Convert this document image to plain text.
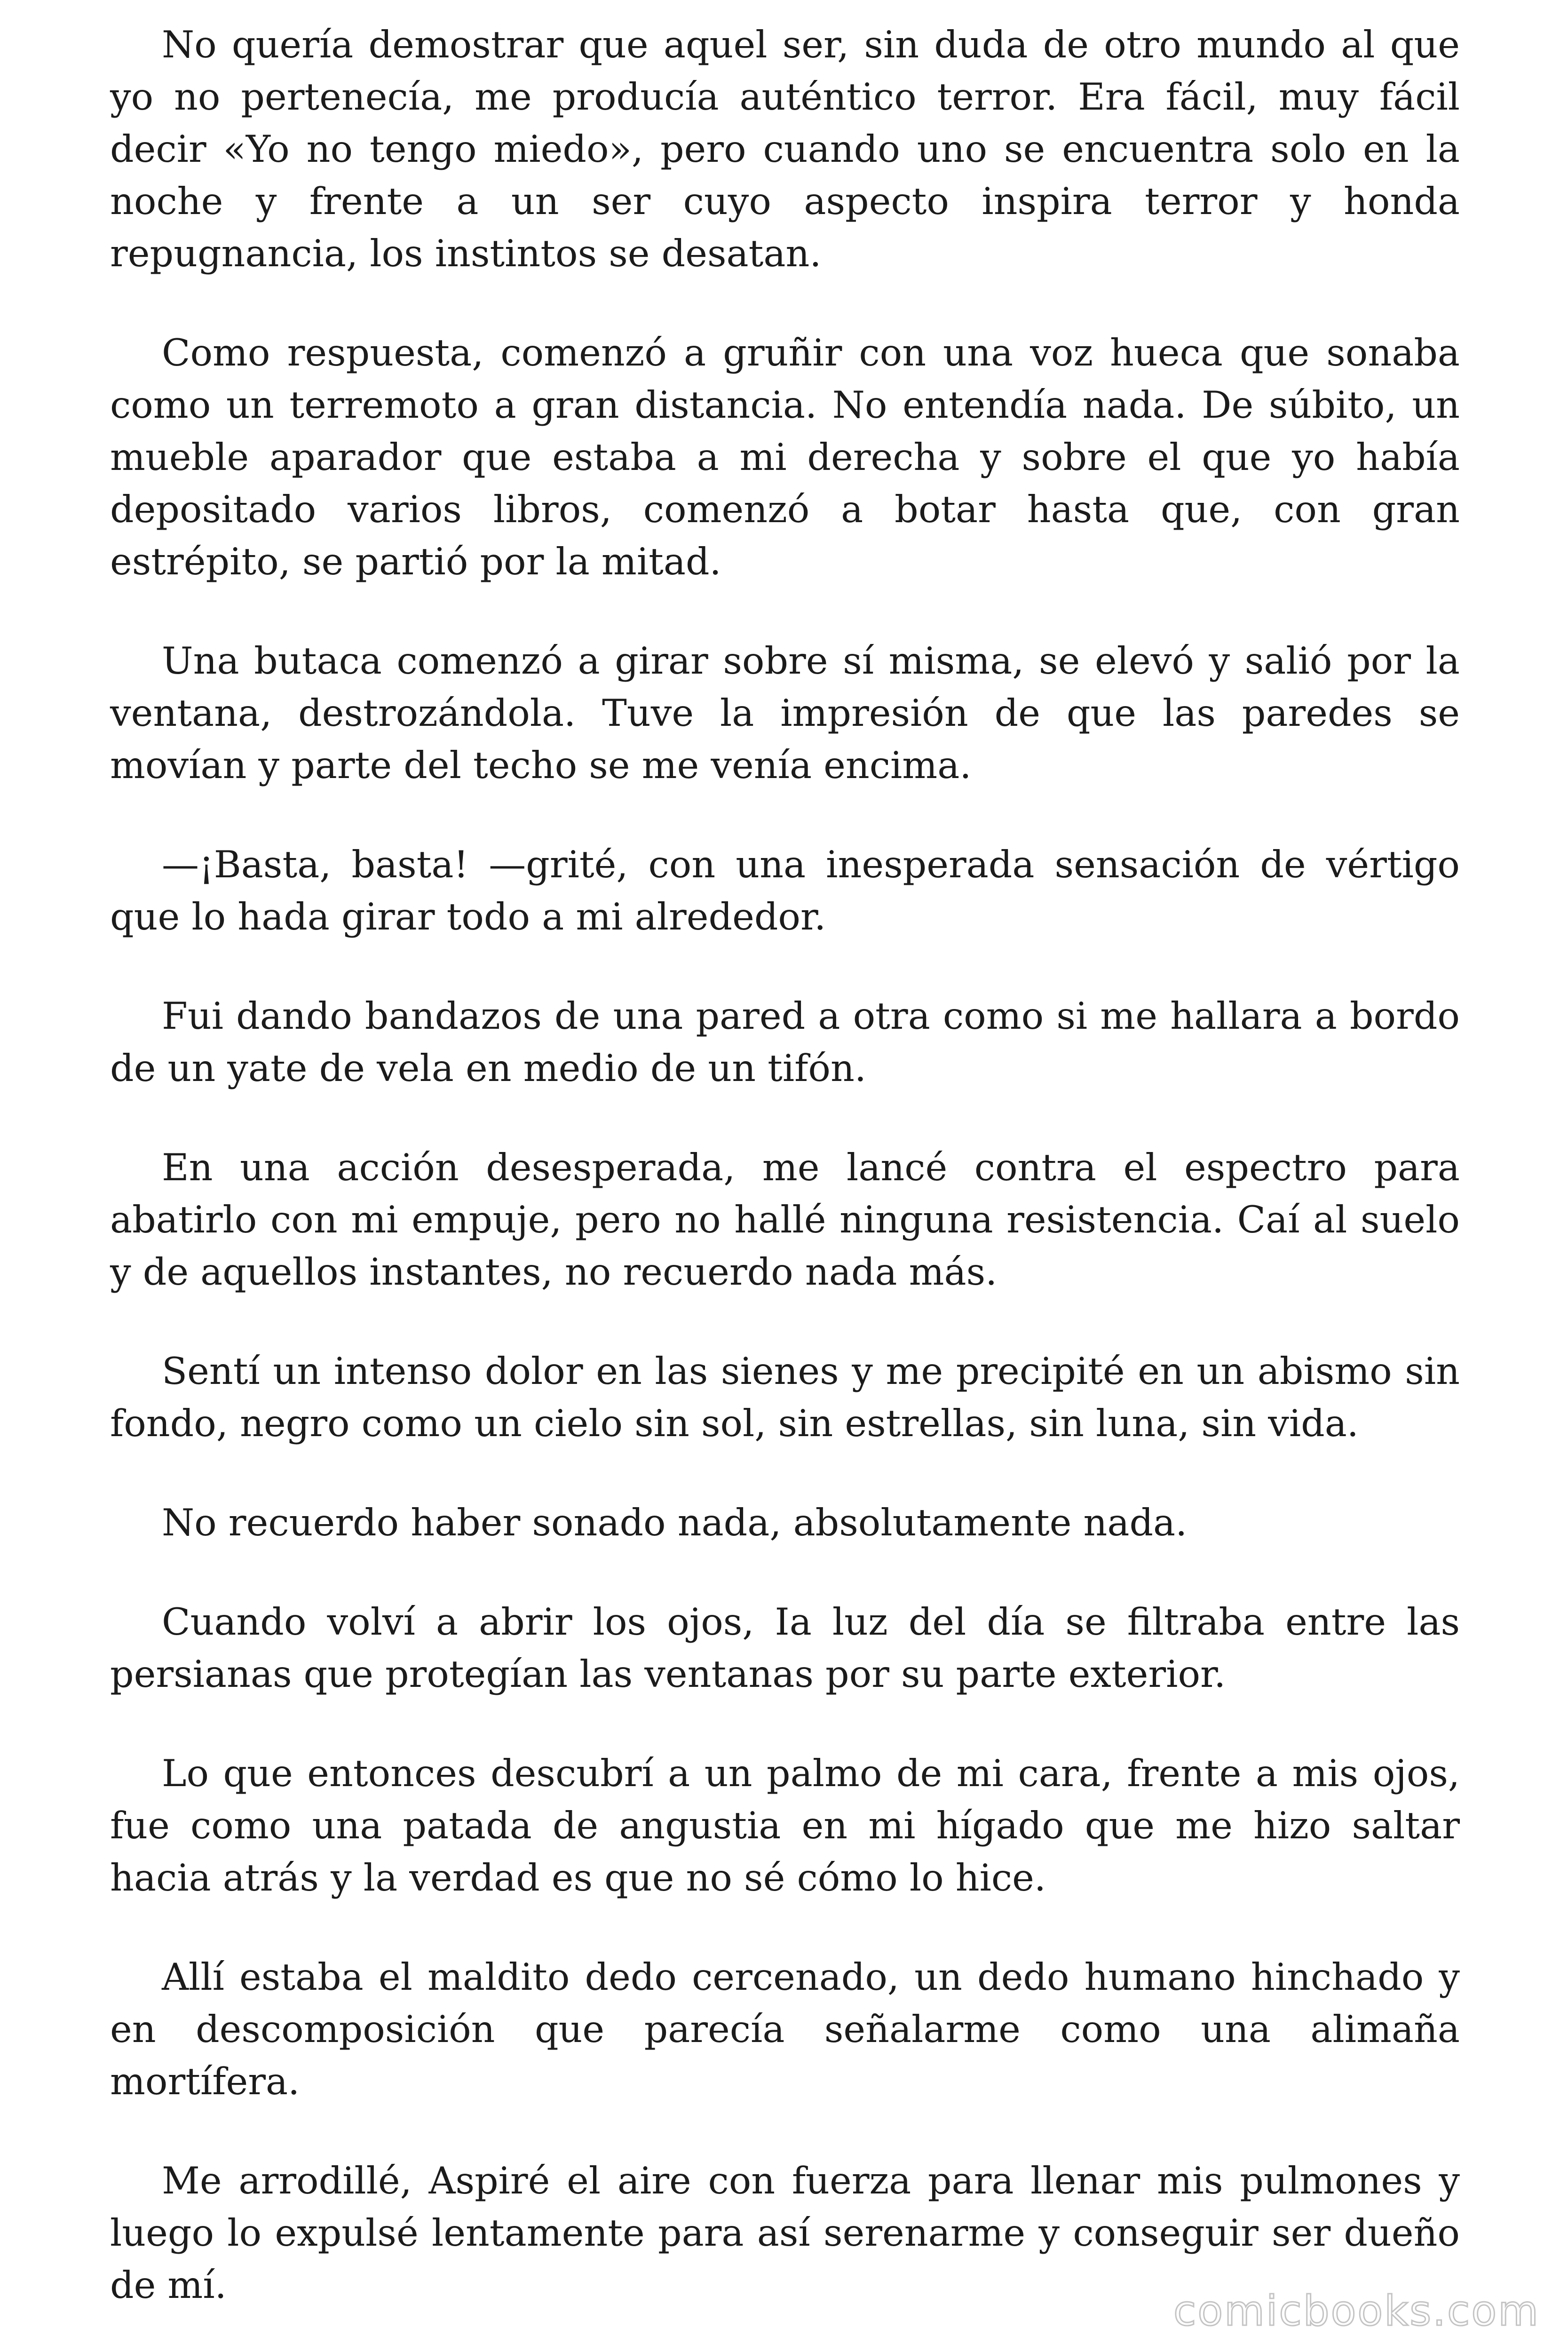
No quería demostrar que aquel ser, sin duda de otro mundo al que yo no pertenecía, me producía auténtico terror. Era fácil, muy fácil decir «Yo no tengo miedo», pero cuando uno se encuentra solo en la noche y frente a un ser cuyo aspecto inspira terror y honda repugnancia, los instintos se desatan.

Como respuesta, comenzó a gruñir con una voz hueca que sonaba como un terremoto a gran distancia. No entendía nada. De súbito, un mueble aparador que estaba a mi derecha y sobre el que yo había depositado varios libros, comenzó a botar hasta que, con gran estrépito, se partió por la mitad.

Una butaca comenzó a girar sobre sí misma, se elevó y salió por la ventana, destrozándola. Tuve la impresión de que las paredes se movían y parte del techo se me venía encima.

—¡Basta, basta! —grité, con una inesperada sensación de vértigo que lo hada girar todo a mi alrededor.

Fui dando bandazos de una pared a otra como si me hallara a bordo de un yate de vela en medio de un tifón.

En una acción desesperada, me lancé contra el espectro para abatirlo con mi empuje, pero no hallé ninguna resistencia. Caí al suelo y de aquellos instantes, no recuerdo nada más.

Sentí un intenso dolor en las sienes y me precipité en un abismo sin fondo, negro como un cielo sin sol, sin estrellas, sin luna, sin vida.

No recuerdo haber sonado nada, absolutamente nada.

Cuando volví a abrir los ojos, Ia luz del día se filtraba entre las persianas que protegían las ventanas por su parte exterior.

Lo que entonces descubrí a un palmo de mi cara, frente a mis ojos, fue como una patada de angustia en mi hígado que me hizo saltar hacia atrás y la verdad es que no sé cómo lo hice.

Allí estaba el maldito dedo cercenado, un dedo humano hinchado y en descomposición que parecía señalarme como una alimaña mortífera.

Me arrodillé, Aspiré el aire con fuerza para llenar mis pulmones y luego lo expulsé lentamente para así serenarme y conseguir ser dueño de mí.

comicbooks.com
